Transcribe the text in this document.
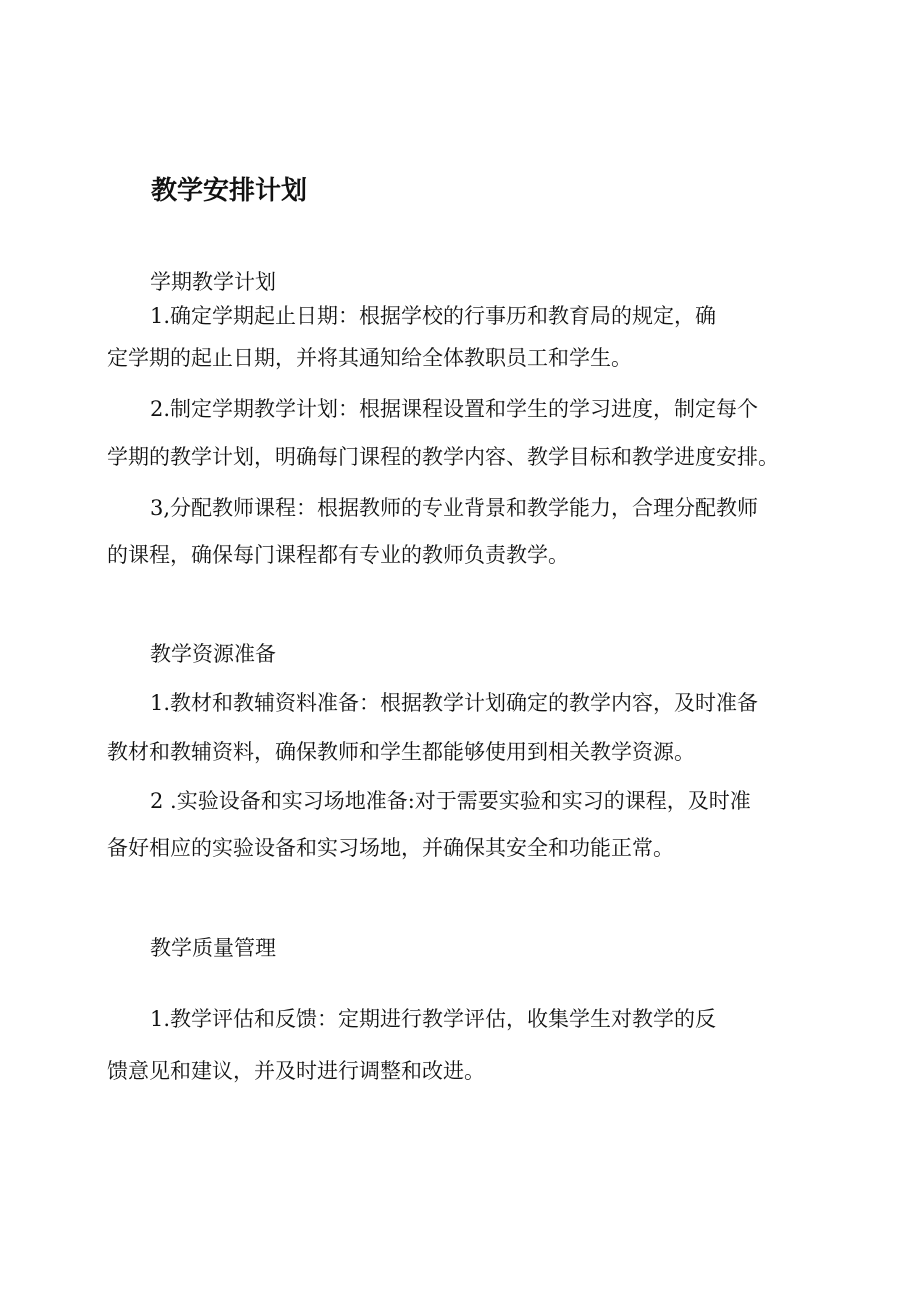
教学安排计划
学期教学计划
1.确定学期起止日期：根据学校的行事历和教育局的规定，确
定学期的起止日期，并将其通知给全体教职员工和学生。
2.制定学期教学计划：根据课程设置和学生的学习进度，制定每个
学期的教学计划，明确每门课程的教学内容、教学目标和教学进度安排。
3,分配教师课程：根据教师的专业背景和教学能力，合理分配教师
的课程，确保每门课程都有专业的教师负责教学。
教学资源准备
1.教材和教辅资料准备：根据教学计划确定的教学内容，及时准备
教材和教辅资料，确保教师和学生都能够使用到相关教学资源。
2 .实验设备和实习场地准备:对于需要实验和实习的课程，及时准
备好相应的实验设备和实习场地，并确保其安全和功能正常。
教学质量管理
1.教学评估和反馈：定期进行教学评估，收集学生对教学的反
馈意见和建议，并及时进行调整和改进。
